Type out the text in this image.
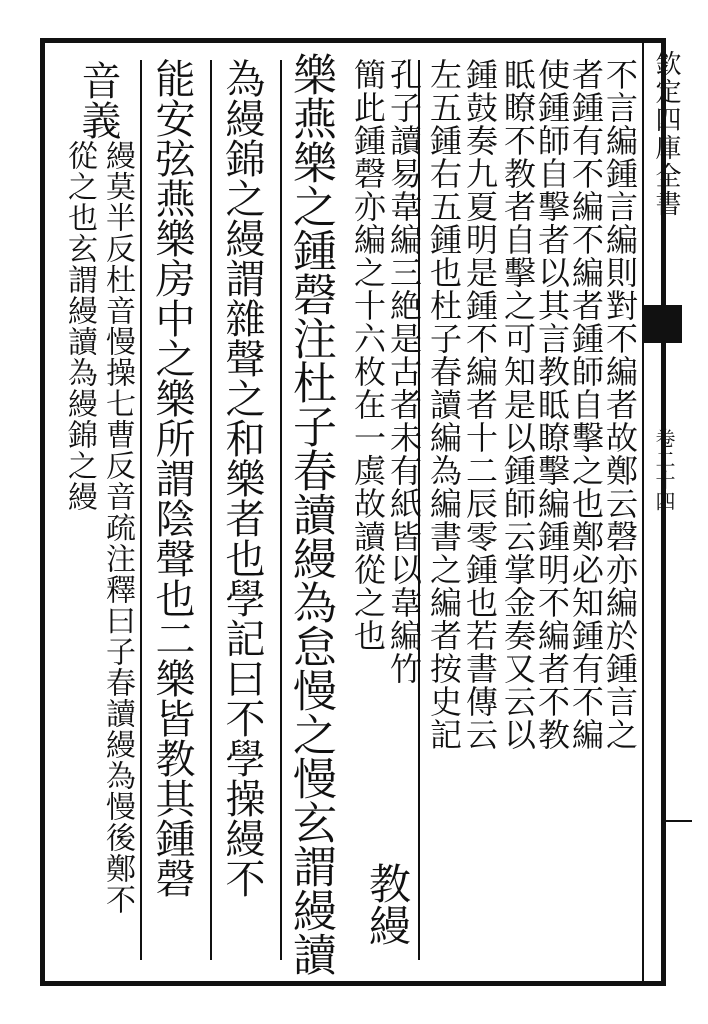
欽定四庫全書
卷二十四
不言編鍾言編則對不編者故鄭云磬亦編於鍾言之
者鍾有不編不編者鍾師自擊之也鄭必知鍾有不編
使鍾師自擊者以其言教眡瞭擊編鍾明不編者不教
眡瞭不教者自擊之可知是以鍾師云掌金奏又云以
鍾鼓奏九夏明是鍾不編者十二辰零鍾也若書傳云
左五鍾右五鍾也杜子春讀編為編書之編者按史記
孔子讀易韋編三絶是古者未有紙皆以韋編竹
簡此鍾磬亦編之十六枚在一虡故讀從之也
教縵
樂燕樂之鍾磬注杜子春讀縵為怠慢之慢玄謂縵讀
為縵錦之縵謂雜聲之和樂者也學記曰不學操縵不
能安弦燕樂房中之樂所謂陰聲也二樂皆教其鍾磬
音義
縵莫半反杜音慢操七曹反音疏注釋曰子春讀縵為慢後鄭不
從之也玄謂縵讀為縵錦之縵
